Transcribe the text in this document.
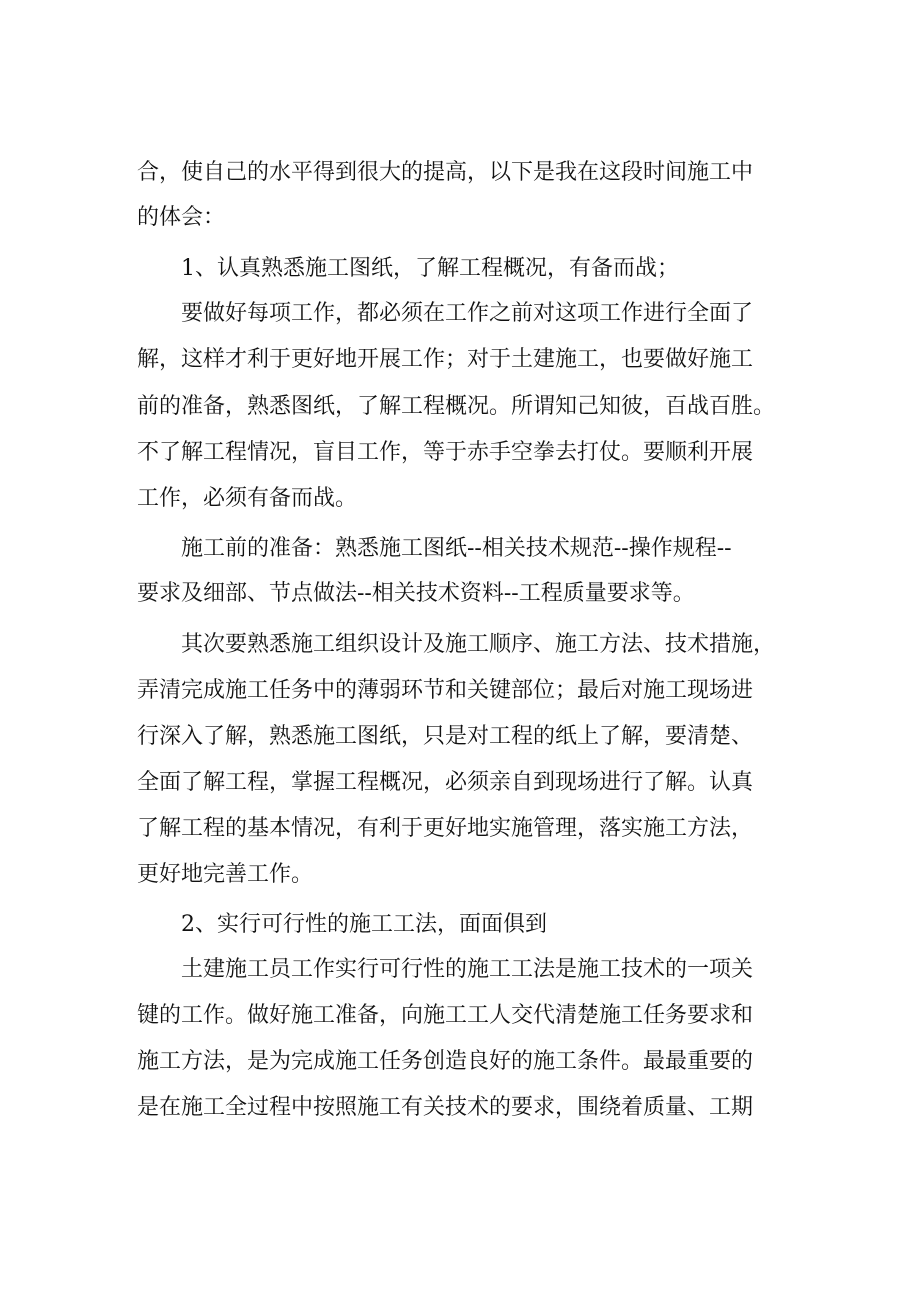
合，使自己的水平得到很大的提高，以下是我在这段时间施工中
的体会：
1、认真熟悉施工图纸，了解工程概况，有备而战；
要做好每项工作，都必须在工作之前对这项工作进行全面了
解，这样才利于更好地开展工作；对于土建施工，也要做好施工
前的准备，熟悉图纸，了解工程概况。所谓知己知彼，百战百胜。
不了解工程情况，盲目工作，等于赤手空拳去打仗。要顺利开展
工作，必须有备而战。
施工前的准备：熟悉施工图纸--相关技术规范--操作规程--
要求及细部、节点做法--相关技术资料--工程质量要求等。
其次要熟悉施工组织设计及施工顺序、施工方法、技术措施，
弄清完成施工任务中的薄弱环节和关键部位；最后对施工现场进
行深入了解，熟悉施工图纸，只是对工程的纸上了解，要清楚、
全面了解工程，掌握工程概况，必须亲自到现场进行了解。认真
了解工程的基本情况，有利于更好地实施管理，落实施工方法，
更好地完善工作。
2、实行可行性的施工工法，面面俱到
土建施工员工作实行可行性的施工工法是施工技术的一项关
键的工作。做好施工准备，向施工工人交代清楚施工任务要求和
施工方法，是为完成施工任务创造良好的施工条件。最最重要的
是在施工全过程中按照施工有关技术的要求，围绕着质量、工期
